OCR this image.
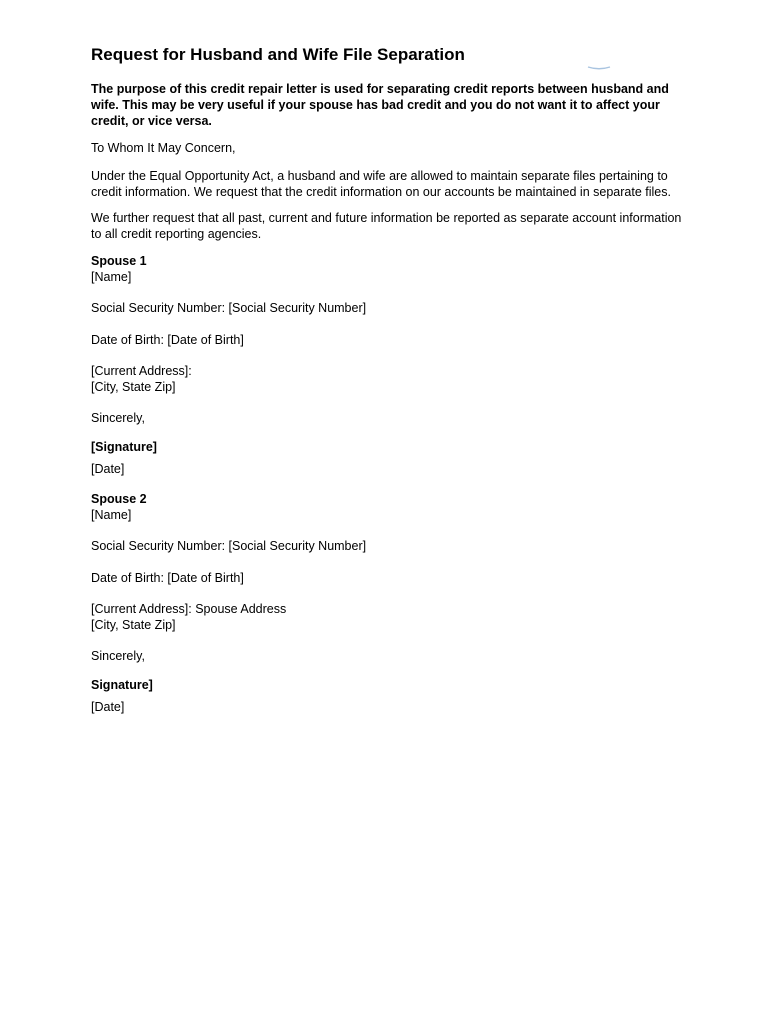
Request for Husband and Wife File Separation

The purpose of this credit repair letter is used for separating credit reports between husband and wife. This may be very useful if your spouse has bad credit and you do not want it to affect your credit, or vice versa.

To Whom It May Concern,

Under the Equal Opportunity Act, a husband and wife are allowed to maintain separate files pertaining to credit information. We request that the credit information on our accounts be maintained in separate files.

We further request that all past, current and future information be reported as separate account information to all credit reporting agencies.

Spouse 1

[Name]

Social Security Number: [Social Security Number]

Date of Birth: [Date of Birth]

[Current Address]:

[City, State Zip]

Sincerely,

[Signature]

[Date]

Spouse 2

[Name]

Social Security Number: [Social Security Number]

Date of Birth: [Date of Birth]

[Current Address]: Spouse Address

[City, State Zip]

Sincerely,

Signature]

[Date]
